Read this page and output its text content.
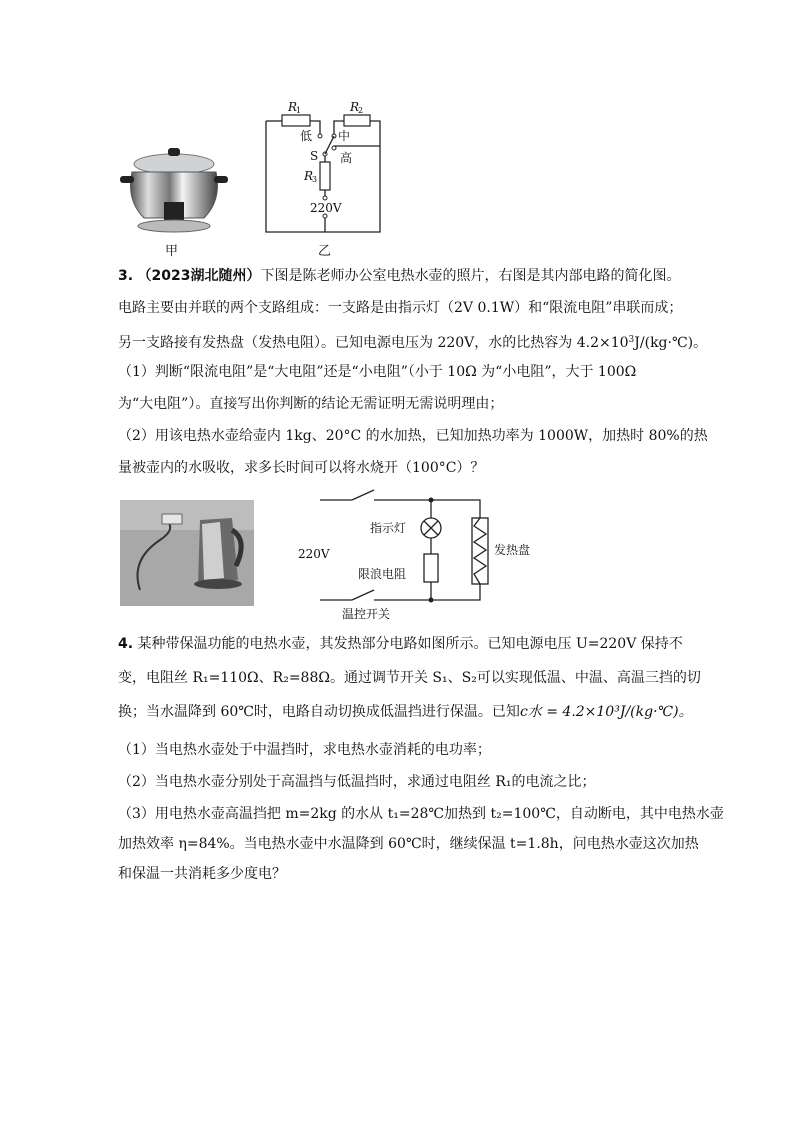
甲
R
1	R
2
R
3
低 中
高
S
220V
乙
3. （2023湖北随州）下图是陈老师办公室电热水壶的照片，右图是其内部电路的简化图。
电路主要由并联的两个支路组成：一支路是由指示灯（2V 0.1W）和“限流电阻”串联而成；
另一支路接有发热盘（发热电阻）。已知电源电压为 220V，水的比热容为 $4.2\times 10^3J/(kg\cdot℃)$。
（1）判断“限流电阻”是“大电阻”还是“小电阻”（小于 10Ω 为“小电阻”，大于 100Ω
为“大电阻”）。直接写出你判断的结论无需证明无需说明理由；
（2）用该电热水壶给壶内 1kg、20°C 的水加热，已知加热功率为 1000W，加热时 80%的热
量被壶内的水吸收，求多长时间可以将水烧开（100°C）？
指示灯
发热盘
限浪电阻
220V
温控开关
4. 某种带保温功能的电热水壶，其发热部分电路如图所示。已知电源电压 U=220V 保持不
变，电阻丝 R₁=110Ω、R₂=88Ω。通过调节开关 S₁、S₂可以实现低温、中温、高温三挡的切
换；当水温降到 60℃时，电路自动切换成低温挡进行保温。已知c水 = 4.2×10³J/(kg·℃)。
（1）当电热水壶处于中温挡时，求电热水壶消耗的电功率；
（2）当电热水壶分别处于高温挡与低温挡时，求通过电阻丝 R₁的电流之比；
（3）用电热水壶高温挡把 m=2kg 的水从 t₁=28℃加热到 t₂=100℃，自动断电，其中电热水壶
加热效率 η=84%。当电热水壶中水温降到 60℃时，继续保温 t=1.8h，问电热水壶这次加热
和保温一共消耗多少度电？
